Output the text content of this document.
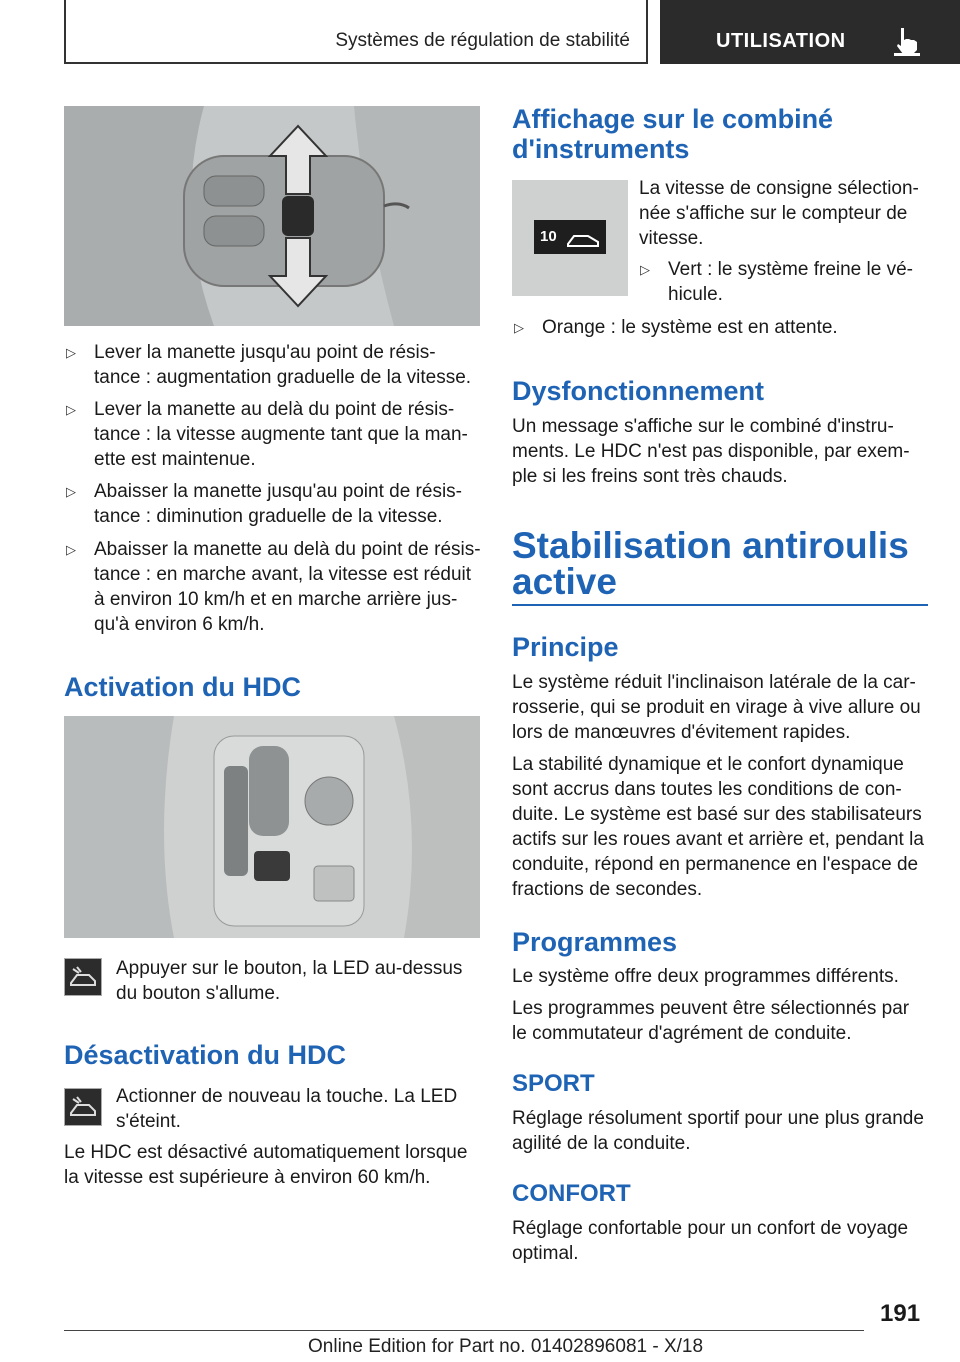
Systèmes de régulation de stabilité	UTILISATION
▷ Lever la manette jusqu'au point de résis-
tance : augmentation graduelle de la vitesse.
▷ Lever la manette au delà du point de résis-
tance : la vitesse augmente tant que la man-
ette est maintenue.
▷ Abaisser la manette jusqu'au point de résis-
tance : diminution graduelle de la vitesse.
▷ Abaisser la manette au delà du point de résis-
tance : en marche avant, la vitesse est réduit
à environ 10 km/h et en marche arrière jus-
qu'à environ 6 km/h.
Activation du HDC
Appuyer sur le bouton, la LED au-dessus
du bouton s'allume.
Désactivation du HDC
Actionner de nouveau la touche. La LED
s'éteint.
Le HDC est désactivé automatiquement lorsque
la vitesse est supérieure à environ 60 km/h.
Affichage sur le combiné
d'instruments
10
La vitesse de consigne sélection-
née s'affiche sur le compteur de
vitesse.
▷ Vert : le système freine le vé-
hicule.
▷ Orange : le système est en attente.
Dysfonctionnement
Un message s'affiche sur le combiné d'instru-
ments. Le HDC n'est pas disponible, par exem-
ple si les freins sont très chauds.
Stabilisation antiroulis
active
Principe
Le système réduit l'inclinaison latérale de la car-
rosserie, qui se produit en virage à vive allure ou
lors de manœuvres d'évitement rapides.
La stabilité dynamique et le confort dynamique
sont accrus dans toutes les conditions de con-
duite. Le système est basé sur des stabilisateurs
actifs sur les roues avant et arrière et, pendant la
conduite, répond en permanence en l'espace de
fractions de secondes.
Programmes
Le système offre deux programmes différents.
Les programmes peuvent être sélectionnés par
le commutateur d'agrément de conduite.
SPORT
Réglage résolument sportif pour une plus grande
agilité de la conduite.
CONFORT
Réglage confortable pour un confort de voyage
optimal.
191
Online Edition for Part no. 01402896081 - X/18
